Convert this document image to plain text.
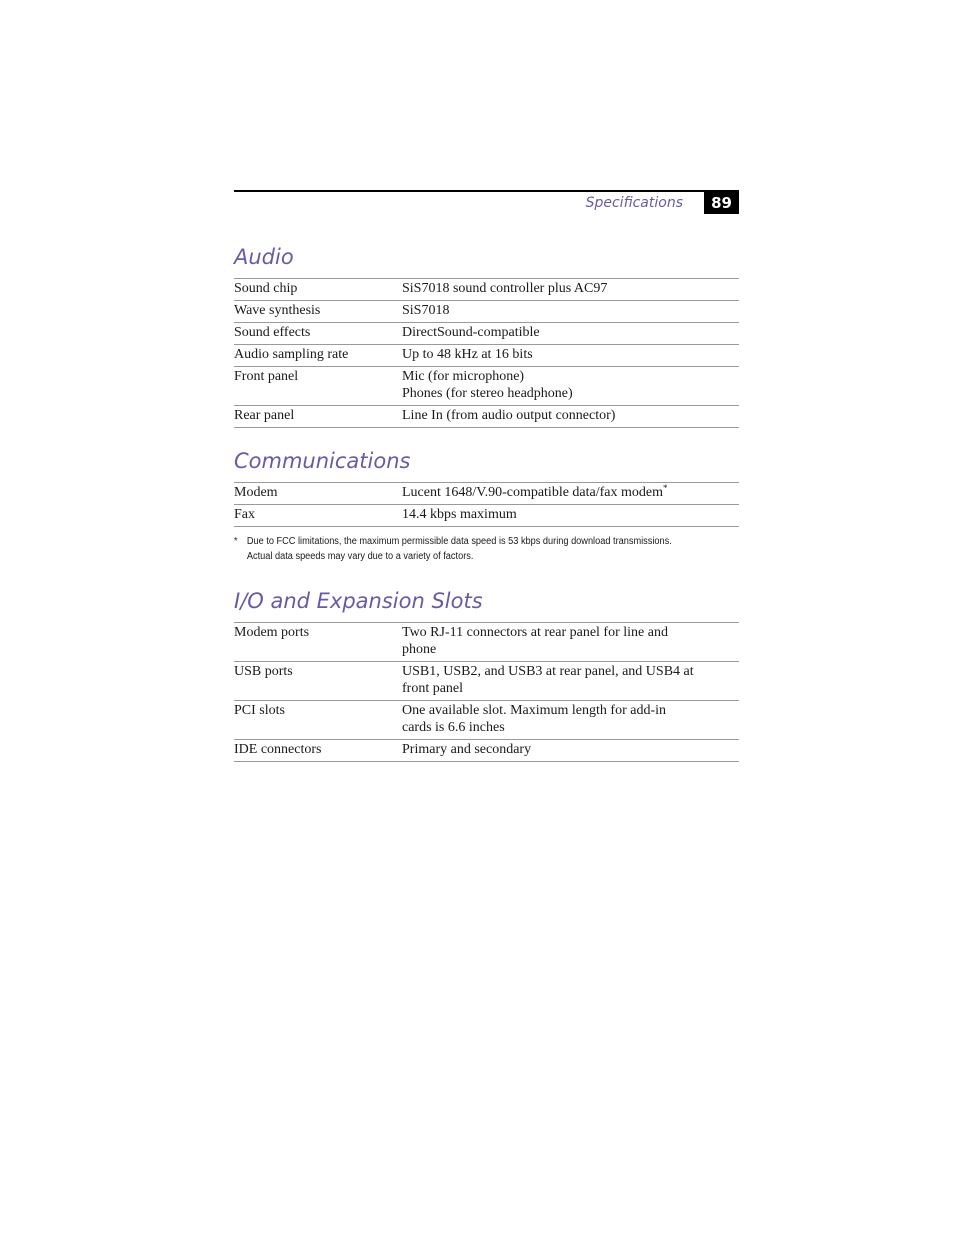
Specifications	89
Audio
Sound chip	SiS7018 sound controller plus AC97

Wave synthesis	SiS7018

Sound effects	DirectSound-compatible

Audio sampling rate	Up to 48 kHz at 16 bits

Front panel	Mic (for microphone)
Phones (for stereo headphone)

Rear panel	Line In (from audio output connector)
Communications
Modem	Lucent 1648/V.90-compatible data/fax modem*

Fax	14.4 kbps maximum
* Due to FCC limitations, the maximum permissible data speed is 53 kbps during download transmissions.
Actual data speeds may vary due to a variety of factors.
I/O and Expansion Slots
Modem ports	Two RJ-11 connectors at rear panel for line and
phone

USB ports	USB1, USB2, and USB3 at rear panel, and USB4 at
front panel

PCI slots	One available slot. Maximum length for add-in
cards is 6.6 inches

IDE connectors	Primary and secondary
